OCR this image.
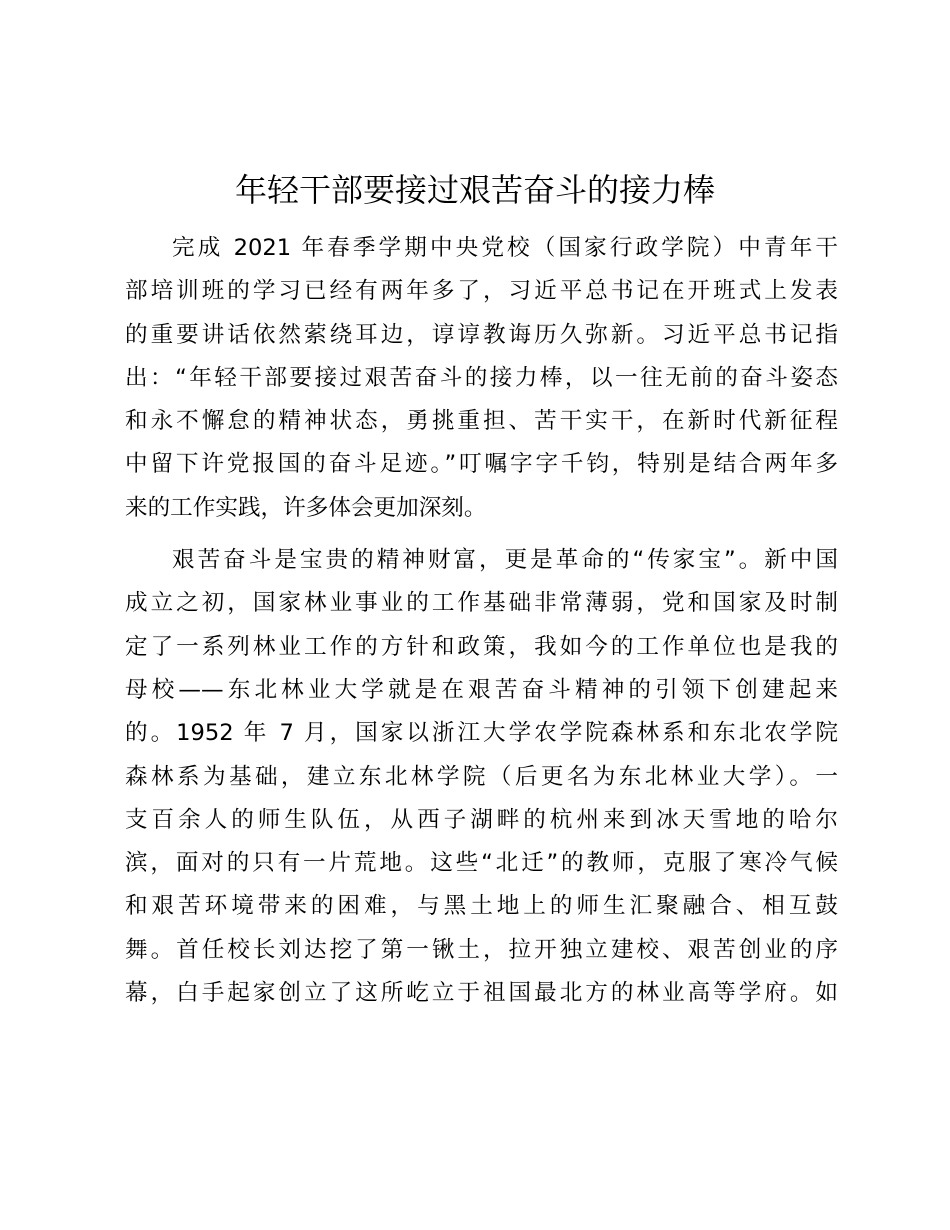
年轻干部要接过艰苦奋斗的接力棒
完成 2021 年春季学期中央党校（国家行政学院）中青年干
部培训班的学习已经有两年多了，习近平总书记在开班式上发表
的重要讲话依然萦绕耳边，谆谆教诲历久弥新。习近平总书记指
出：“年轻干部要接过艰苦奋斗的接力棒，以一往无前的奋斗姿态
和永不懈怠的精神状态，勇挑重担、苦干实干，在新时代新征程
中留下许党报国的奋斗足迹。”叮嘱字字千钧，特别是结合两年多
来的工作实践，许多体会更加深刻。
艰苦奋斗是宝贵的精神财富，更是革命的“传家宝”。新中国
成立之初，国家林业事业的工作基础非常薄弱，党和国家及时制
定了一系列林业工作的方针和政策，我如今的工作单位也是我的
母校——东北林业大学就是在艰苦奋斗精神的引领下创建起来
的。1952 年 7 月，国家以浙江大学农学院森林系和东北农学院
森林系为基础，建立东北林学院（后更名为东北林业大学）。一
支百余人的师生队伍，从西子湖畔的杭州来到冰天雪地的哈尔
滨，面对的只有一片荒地。这些“北迁”的教师，克服了寒冷气候
和艰苦环境带来的困难，与黑土地上的师生汇聚融合、相互鼓
舞。首任校长刘达挖了第一锹土，拉开独立建校、艰苦创业的序
幕，白手起家创立了这所屹立于祖国最北方的林业高等学府。如
